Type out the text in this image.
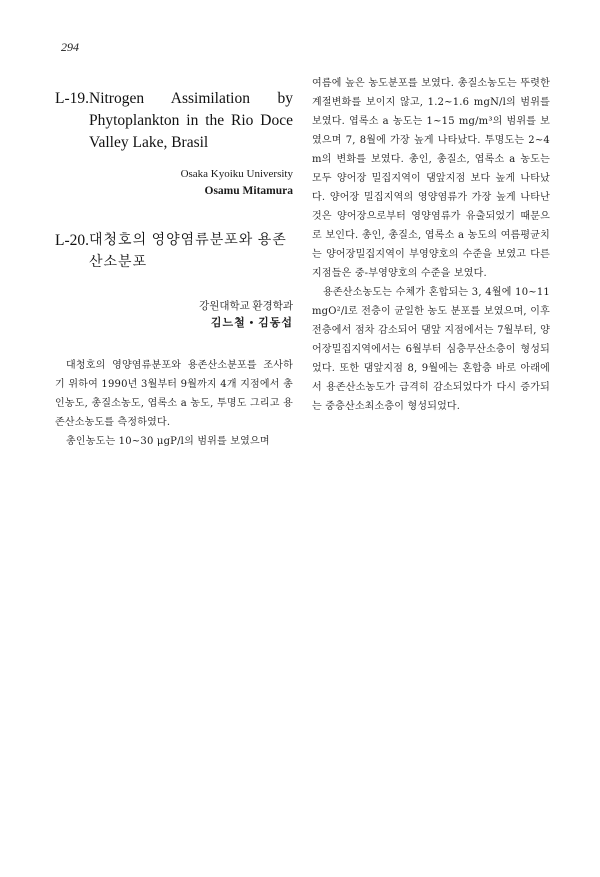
294
L-19. Nitrogen Assimilation by Phytoplankton in the Rio Doce Valley Lake, Brasil
Osaka Kyoiku University
Osamu Mitamura
L-20. 대청호의 영양염류분포와 용존산소분포
강원대학교 환경학과
김느철 • 김동섭

대청호의 영양염류분포와 용존산소분포를 조사하기 위하여 1990년 3월부터 9월까지 4개 지점에서 총인농도, 총질소농도, 엽록소 a 농도, 투명도 그리고 용존산소농도를 측정하였다.

총인농도는 10~30 μgP/l의 범위를 보였으며

여름에 높은 농도분포를 보였다. 총질소농도는 뚜렷한 계절변화를 보이지 않고, 1.2~1.6 mgN/l의 범위를 보였다. 엽록소 a 농도는 1~15 mg/m³의 범위를 보였으며 7, 8월에 가장 높게 나타났다. 투명도는 2~4 m의 변화를 보였다. 총인, 총질소, 엽록소 a 농도는 모두 양어장 밀집지역이 댐앞지점 보다 높게 나타났다. 양어장 밀집지역의 영양염류가 가장 높게 나타난 것은 양어장으로부터 영양염류가 유출되었기 때문으로 보인다. 총인, 총질소, 엽록소 a 농도의 여름평균치는 양어장밀집지역이 부영양호의 수준을 보였고 다른 지점들은 중-부영양호의 수준을 보였다.

용존산소농도는 수체가 혼합되는 3, 4월에 10~11 mgO²/l로 전층이 균일한 농도 분포를 보였으며, 이후 전층에서 점차 감소되어 댐앞 지점에서는 7월부터, 양어장밀집지역에서는 6월부터 심층무산소층이 형성되었다. 또한 댐앞지점 8, 9월에는 혼합층 바로 아래에서 용존산소농도가 급격히 감소되었다가 다시 증가되는 중층산소최소층이 형성되었다.
